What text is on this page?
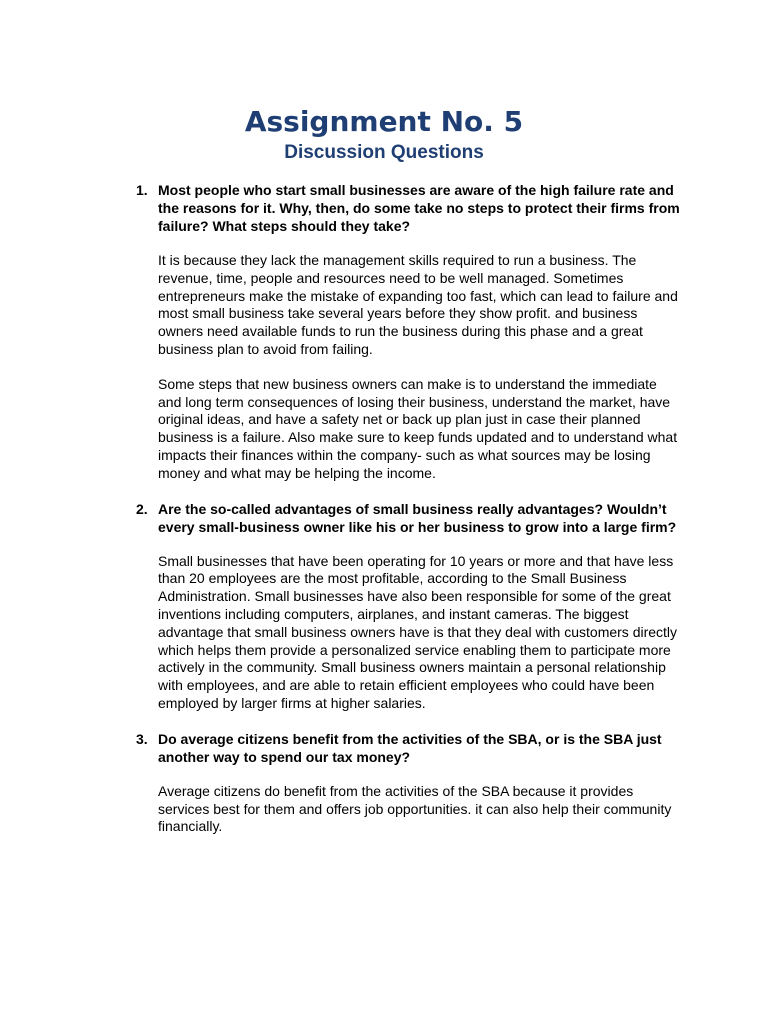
Assignment No. 5
Discussion Questions
1. Most people who start small businesses are aware of the high failure rate and the reasons for it. Why, then, do some take no steps to protect their firms from failure? What steps should they take?

It is because they lack the management skills required to run a business. The revenue, time, people and resources need to be well managed. Sometimes entrepreneurs make the mistake of expanding too fast, which can lead to failure and most small business take several years before they show profit. and business owners need available funds to run the business during this phase and a great business plan to avoid from failing.

Some steps that new business owners can make is to understand the immediate and long term consequences of losing their business, understand the market, have original ideas, and have a safety net or back up plan just in case their planned business is a failure. Also make sure to keep funds updated and to understand what impacts their finances within the company- such as what sources may be losing money and what may be helping the income.

2. Are the so-called advantages of small business really advantages? Wouldn’t every small-business owner like his or her business to grow into a large firm?

Small businesses that have been operating for 10 years or more and that have less than 20 employees are the most profitable, according to the Small Business Administration. Small businesses have also been responsible for some of the great inventions including computers, airplanes, and instant cameras. The biggest advantage that small business owners have is that they deal with customers directly which helps them provide a personalized service enabling them to participate more actively in the community. Small business owners maintain a personal relationship with employees, and are able to retain efficient employees who could have been employed by larger firms at higher salaries.

3. Do average citizens benefit from the activities of the SBA, or is the SBA just another way to spend our tax money?

Average citizens do benefit from the activities of the SBA because it provides services best for them and offers job opportunities. it can also help their community financially.
